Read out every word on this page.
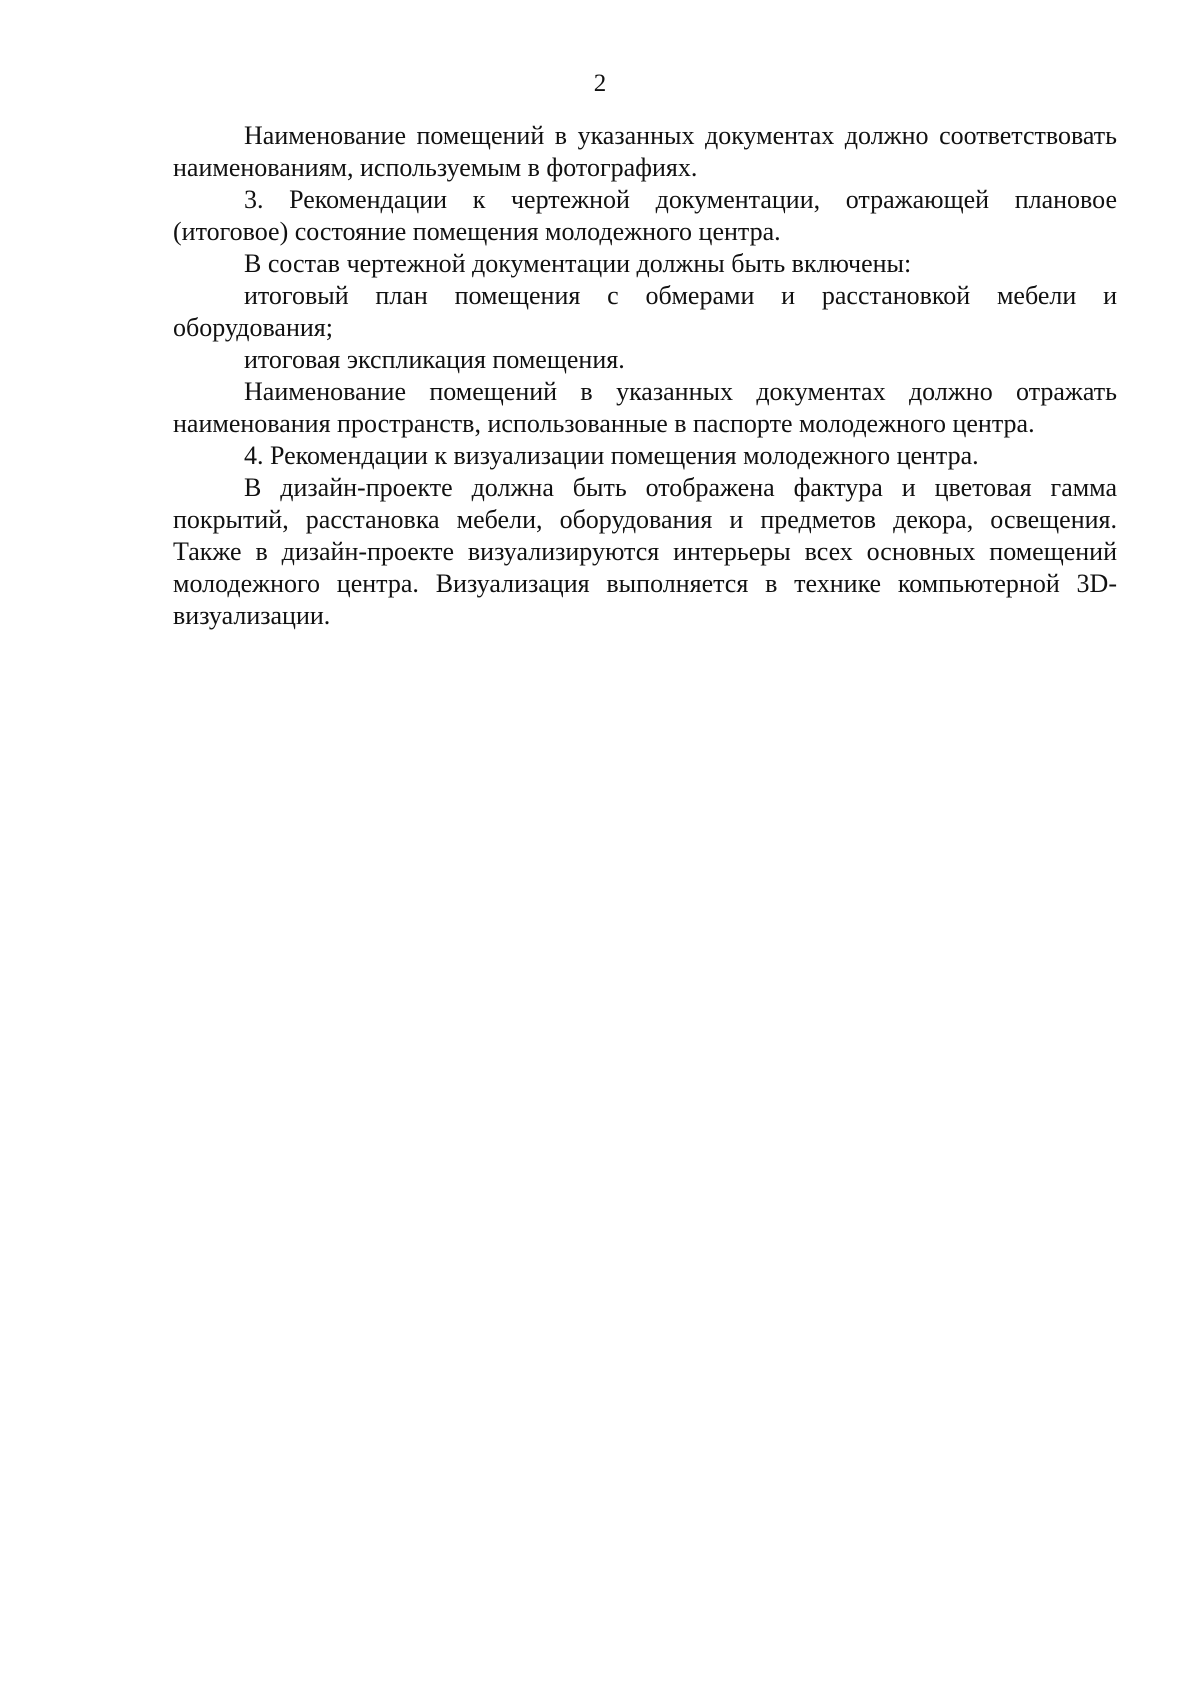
2

Наименование помещений в указанных документах должно соответствовать наименованиям, используемым в фотографиях.

3. Рекомендации к чертежной документации, отражающей плановое (итоговое) состояние помещения молодежного центра.

В состав чертежной документации должны быть включены:

итоговый план помещения с обмерами и расстановкой мебели и оборудования;

итоговая экспликация помещения.

Наименование помещений в указанных документах должно отражать наименования пространств, использованные в паспорте молодежного центра.

4. Рекомендации к визуализации помещения молодежного центра.

В дизайн-проекте должна быть отображена фактура и цветовая гамма покрытий, расстановка мебели, оборудования и предметов декора, освещения. Также в дизайн-проекте визуализируются интерьеры всех основных помещений молодежного центра. Визуализация выполняется в технике компьютерной 3D-визуализации.
